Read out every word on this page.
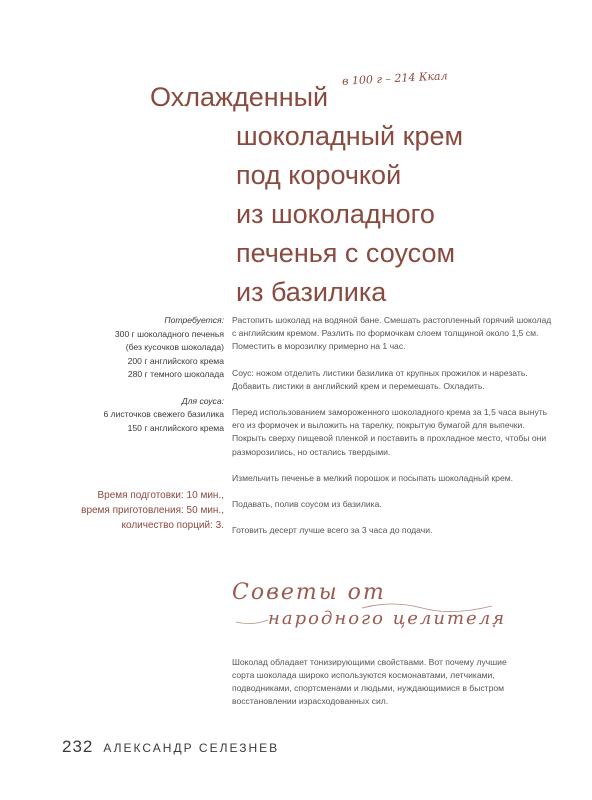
Охлажденный
шоколадный крем
под корочкой
из шоколадного
печенья с соусом
из базилика
в 100 г – 214 Ккал
Потребуется:
300 г шоколадного печенья
(без кусочков шоколада)
200 г английского крема
280 г темного шоколада
Для соуса:
6 листочков свежего базилика
150 г английского крема
Время подготовки: 10 мин.,
время приготовления: 50 мин.,
количество порций: 3.

Растопить шоколад на водяной бане. Смешать растопленный горячий шоколад с английским кремом. Разлить по формочкам слоем толщиной около 1,5 см. Поместить в морозилку примерно на 1 час.

Соус: ножом отделить листики базилика от крупных прожилок и нарезать. Добавить листики в английский крем и перемешать. Охладить.

Перед использованием замороженного шоколадного крема за 1,5 часа вынуть его из формочек и выложить на тарелку, покрытую бумагой для выпечки. Покрыть сверху пищевой пленкой и поставить в прохладное место, чтобы они разморозились, но остались твердыми.

Измельчить печенье в мелкий порошок и посыпать шоколадный крем.

Подавать, полив соусом из базилика.

Готовить десерт лучше всего за 3 часа до подачи.

Советы от
народного целителя
Шоколад обладает тонизирующими свойствами. Вот почему лучшие сорта шоколада широко используются космонавтами, летчиками, подводниками, спортсменами и людьми, нуждающимися в быстром восстановлении израсходованных сил.
232 АЛЕКСАНДР СЕЛЕЗНЕВ
